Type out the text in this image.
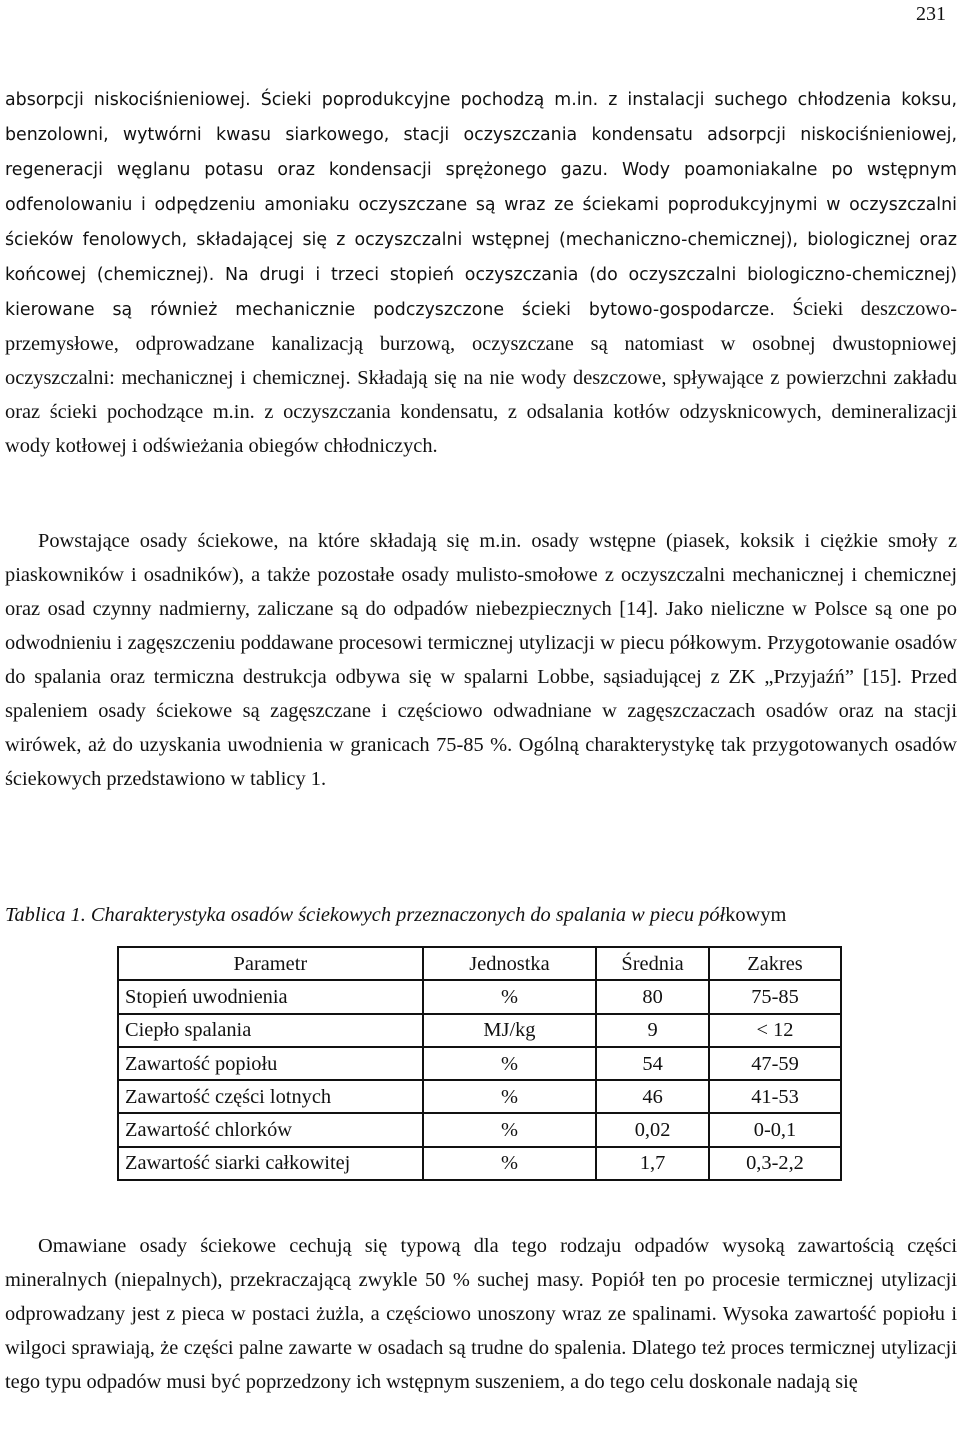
231

absorpcji niskociśnieniowej. Ścieki poprodukcyjne pochodzą m.in. z instalacji suchego chłodzenia koksu, benzolowni, wytwórni kwasu siarkowego, stacji oczyszczania kondensatu adsorpcji niskociśnieniowej, regeneracji węglanu potasu oraz kondensacji sprężonego gazu. Wody poamoniakalne po wstępnym odfenolowaniu i odpędzeniu amoniaku oczyszczane są wraz ze ściekami poprodukcyjnymi w oczyszczalni ścieków fenolowych, składającej się z oczyszczalni wstępnej (mechaniczno-chemicznej), biologicznej oraz końcowej (chemicznej). Na drugi i trzeci stopień oczyszczania (do oczyszczalni biologiczno-chemicznej) kierowane są również mechanicznie podczyszczone ścieki bytowo-gospodarcze. Ścieki deszczowo-przemysłowe, odprowadzane kanalizacją burzową, oczyszczane są natomiast w osobnej dwustopniowej oczyszczalni: mechanicznej i chemicznej. Składają się na nie wody deszczowe, spływające z powierzchni zakładu oraz ścieki pochodzące m.in. z oczyszczania kondensatu, z odsalania kotłów odzysknicowych, demineralizacji wody kotłowej i odświeżania obiegów chłodniczych.

Powstające osady ściekowe, na które składają się m.in. osady wstępne (piasek, koksik i ciężkie smoły z piaskowników i osadników), a także pozostałe osady mulisto-smołowe z oczyszczalni mechanicznej i chemicznej oraz osad czynny nadmierny, zaliczane są do odpadów niebezpiecznych [14]. Jako nieliczne w Polsce są one po odwodnieniu i zagęszczeniu poddawane procesowi termicznej utylizacji w piecu półkowym. Przygotowanie osadów do spalania oraz termiczna destrukcja odbywa się w spalarni Lobbe, sąsiadującej z ZK „Przyjaźń” [15]. Przed spaleniem osady ściekowe są zagęszczane i częściowo odwadniane w zagęszczaczach osadów oraz na stacji wirówek, aż do uzyskania uwodnienia w granicach 75-85 %. Ogólną charakterystykę tak przygotowanych osadów ściekowych przedstawiono w tablicy 1.

Tablica 1. Charakterystyka osadów ściekowych przeznaczonych do spalania w piecu półkowym
Parametr	Jednostka	Średnia	Zakres
Stopień uwodnienia	%	80	75-85
Ciepło spalania	MJ/kg	9	< 12
Zawartość popiołu	%	54	47-59
Zawartość części lotnych	%	46	41-53
Zawartość chlorków	%	0,02	0-0,1
Zawartość siarki całkowitej	%	1,7	0,3-2,2

Omawiane osady ściekowe cechują się typową dla tego rodzaju odpadów wysoką zawartością części mineralnych (niepalnych), przekraczającą zwykle 50 % suchej masy. Popiół ten po procesie termicznej utylizacji odprowadzany jest z pieca w postaci żużla, a częściowo unoszony wraz ze spalinami. Wysoka zawartość popiołu i wilgoci sprawiają, że części palne zawarte w osadach są trudne do spalenia. Dlatego też proces termicznej utylizacji tego typu odpadów musi być poprzedzony ich wstępnym suszeniem, a do tego celu doskonale nadają się
